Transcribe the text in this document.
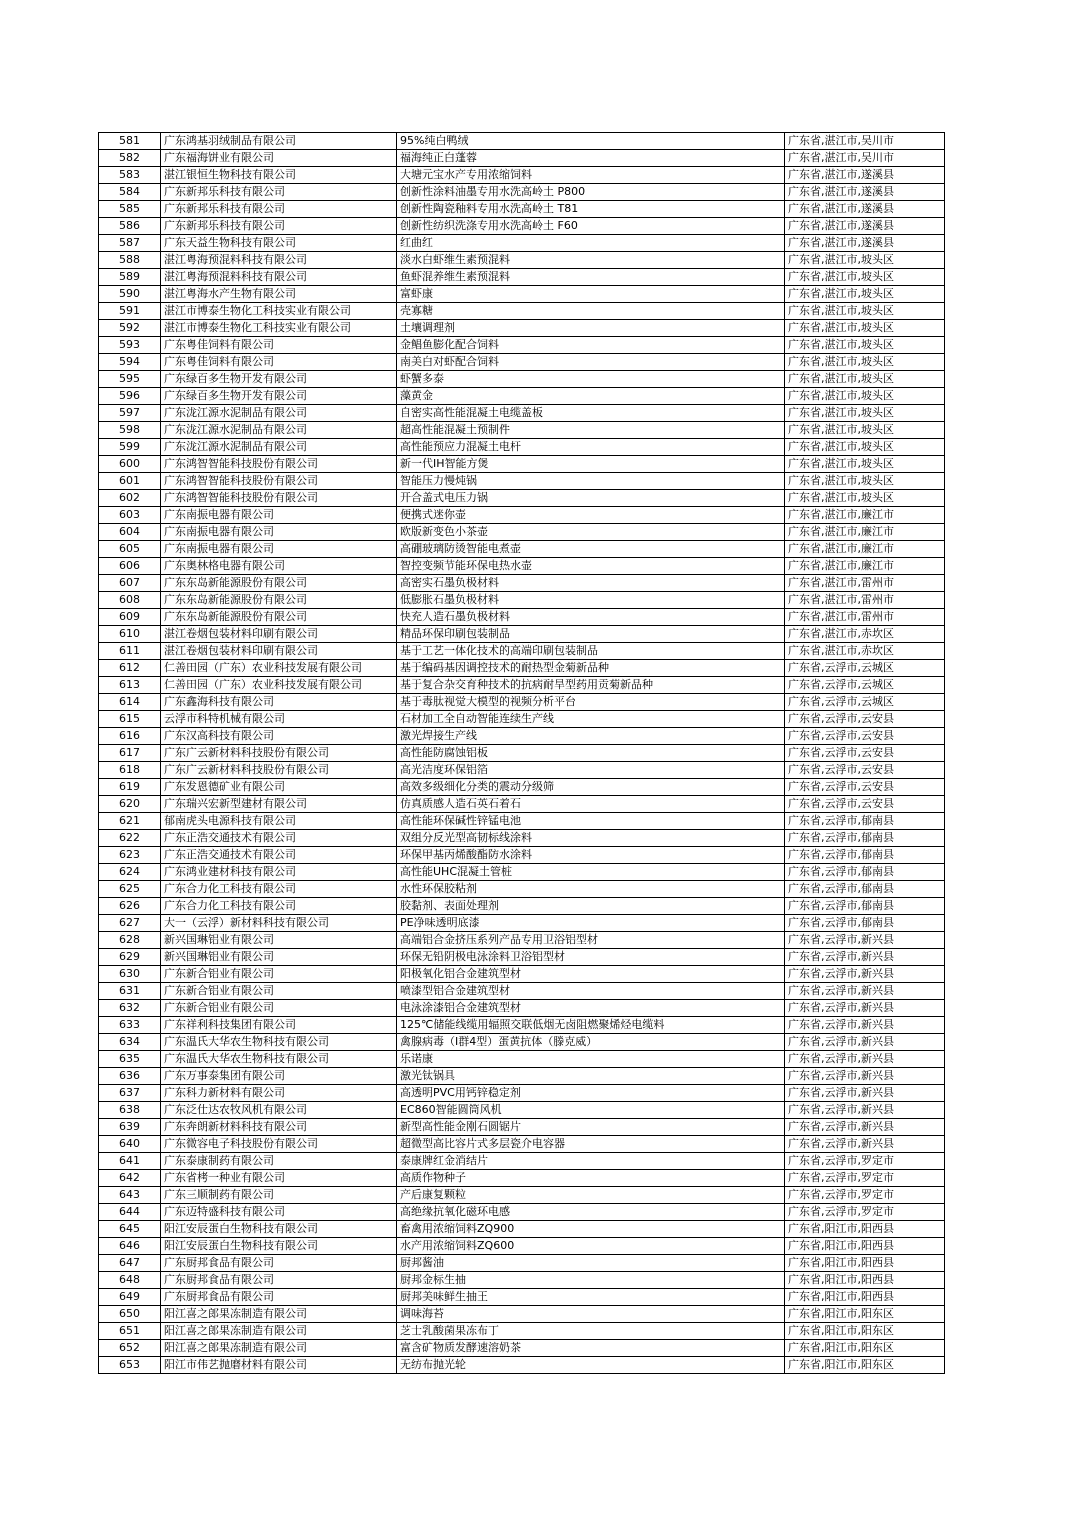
581	广东鸿基羽绒制品有限公司	95%纯白鸭绒	广东省,湛江市,吴川市
582	广东福海饼业有限公司	福海纯正白蓬蓉	广东省,湛江市,吴川市
583	湛江银恒生物科技有限公司	大塘元宝水产专用浓缩饲料	广东省,湛江市,遂溪县
584	广东新邦乐科技有限公司	创新性涂料油墨专用水洗高岭土 P800	广东省,湛江市,遂溪县
585	广东新邦乐科技有限公司	创新性陶瓷釉料专用水洗高岭土 T81	广东省,湛江市,遂溪县
586	广东新邦乐科技有限公司	创新性纺织洗涤专用水洗高岭土 F60	广东省,湛江市,遂溪县
587	广东天益生物科技有限公司	红曲红	广东省,湛江市,遂溪县
588	湛江粤海预混料科技有限公司	淡水白虾维生素预混料	广东省,湛江市,坡头区
589	湛江粤海预混料科技有限公司	鱼虾混养维生素预混料	广东省,湛江市,坡头区
590	湛江粤海水产生物有限公司	富虾康	广东省,湛江市,坡头区
591	湛江市博泰生物化工科技实业有限公司	壳寡糖	广东省,湛江市,坡头区
592	湛江市博泰生物化工科技实业有限公司	土壤调理剂	广东省,湛江市,坡头区
593	广东粤佳饲料有限公司	金鲳鱼膨化配合饲料	广东省,湛江市,坡头区
594	广东粤佳饲料有限公司	南美白对虾配合饲料	广东省,湛江市,坡头区
595	广东绿百多生物开发有限公司	虾蟹多泰	广东省,湛江市,坡头区
596	广东绿百多生物开发有限公司	藻黄金	广东省,湛江市,坡头区
597	广东泷江源水泥制品有限公司	自密实高性能混凝土电缆盖板	广东省,湛江市,坡头区
598	广东泷江源水泥制品有限公司	超高性能混凝土预制件	广东省,湛江市,坡头区
599	广东泷江源水泥制品有限公司	高性能预应力混凝土电杆	广东省,湛江市,坡头区
600	广东鸿智智能科技股份有限公司	新一代IH智能方煲	广东省,湛江市,坡头区
601	广东鸿智智能科技股份有限公司	智能压力慢炖锅	广东省,湛江市,坡头区
602	广东鸿智智能科技股份有限公司	开合盖式电压力锅	广东省,湛江市,坡头区
603	广东南振电器有限公司	便携式迷你壶	广东省,湛江市,廉江市
604	广东南振电器有限公司	欧版新变色小茶壶	广东省,湛江市,廉江市
605	广东南振电器有限公司	高硼玻璃防烫智能电煮壶	广东省,湛江市,廉江市
606	广东奥林格电器有限公司	智控变频节能环保电热水壶	广东省,湛江市,廉江市
607	广东东岛新能源股份有限公司	高密实石墨负极材料	广东省,湛江市,雷州市
608	广东东岛新能源股份有限公司	低膨胀石墨负极材料	广东省,湛江市,雷州市
609	广东东岛新能源股份有限公司	快充人造石墨负极材料	广东省,湛江市,雷州市
610	湛江卷烟包装材料印刷有限公司	精品环保印刷包装制品	广东省,湛江市,赤坎区
611	湛江卷烟包装材料印刷有限公司	基于工艺一体化技术的高端印刷包装制品	广东省,湛江市,赤坎区
612	仁善田园（广东）农业科技发展有限公司	基于编码基因调控技术的耐热型金菊新品种	广东省,云浮市,云城区
613	仁善田园（广东）农业科技发展有限公司	基于复合杂交育种技术的抗病耐旱型药用贡菊新品种	广东省,云浮市,云城区
614	广东鑫海科技有限公司	基于毒肽视觉大模型的视频分析平台	广东省,云浮市,云城区
615	云浮市科特机械有限公司	石材加工全自动智能连续生产线	广东省,云浮市,云安县
616	广东汉高科技有限公司	激光焊接生产线	广东省,云浮市,云安县
617	广东广云新材料科技股份有限公司	高性能防腐蚀铝板	广东省,云浮市,云安县
618	广东广云新材料科技股份有限公司	高光洁度环保铝箔	广东省,云浮市,云安县
619	广东发恩德矿业有限公司	高效多级细化分类的震动分级筛	广东省,云浮市,云安县
620	广东瑞兴宏新型建材有限公司	仿真质感人造石英石着石	广东省,云浮市,云安县
621	郁南虎头电源科技有限公司	高性能环保碱性锌锰电池	广东省,云浮市,郁南县
622	广东正浩交通技术有限公司	双组分反光型高韧标线涂料	广东省,云浮市,郁南县
623	广东正浩交通技术有限公司	环保甲基丙烯酸酯防水涂料	广东省,云浮市,郁南县
624	广东鸿业建材科技有限公司	高性能UHC混凝土管桩	广东省,云浮市,郁南县
625	广东合力化工科技有限公司	水性环保胶粘剂	广东省,云浮市,郁南县
626	广东合力化工科技有限公司	胶黏剂、表面处理剂	广东省,云浮市,郁南县
627	大一（云浮）新材料科技有限公司	PE净味透明底漆	广东省,云浮市,郁南县
628	新兴国琳铝业有限公司	高端铝合金挤压系列产品专用卫浴铝型材	广东省,云浮市,新兴县
629	新兴国琳铝业有限公司	环保无铅阴极电泳涂料卫浴铝型材	广东省,云浮市,新兴县
630	广东新合铝业有限公司	阳极氧化铝合金建筑型材	广东省,云浮市,新兴县
631	广东新合铝业有限公司	喷漆型铝合金建筑型材	广东省,云浮市,新兴县
632	广东新合铝业有限公司	电泳涂漆铝合金建筑型材	广东省,云浮市,新兴县
633	广东祥利科技集团有限公司	125℃储能线缆用辐照交联低烟无卤阻燃聚烯烃电缆料	广东省,云浮市,新兴县
634	广东温氏大华农生物科技有限公司	禽腺病毒（Ⅰ群4型）蛋黄抗体（滕克威）	广东省,云浮市,新兴县
635	广东温氏大华农生物科技有限公司	乐诺康	广东省,云浮市,新兴县
636	广东万事泰集团有限公司	激光钛锅具	广东省,云浮市,新兴县
637	广东科力新材料有限公司	高透明PVC用钙锌稳定剂	广东省,云浮市,新兴县
638	广东泛仕达农牧风机有限公司	EC860智能圆筒风机	广东省,云浮市,新兴县
639	广东奔朗新材料科技有限公司	新型高性能金刚石圆锯片	广东省,云浮市,新兴县
640	广东微容电子科技股份有限公司	超微型高比容片式多层瓷介电容器	广东省,云浮市,新兴县
641	广东泰康制药有限公司	泰康牌红金消结片	广东省,云浮市,罗定市
642	广东省栲一种业有限公司	高质作物种子	广东省,云浮市,罗定市
643	广东三顺制药有限公司	产后康复颗粒	广东省,云浮市,罗定市
644	广东迈特盛科技有限公司	高绝缘抗氧化磁环电感	广东省,云浮市,罗定市
645	阳江安辰蛋白生物科技有限公司	畜禽用浓缩饲料ZQ900	广东省,阳江市,阳西县
646	阳江安辰蛋白生物科技有限公司	水产用浓缩饲料ZQ600	广东省,阳江市,阳西县
647	广东厨邦食品有限公司	厨邦酱油	广东省,阳江市,阳西县
648	广东厨邦食品有限公司	厨邦金标生抽	广东省,阳江市,阳西县
649	广东厨邦食品有限公司	厨邦美味鲜生抽王	广东省,阳江市,阳西县
650	阳江喜之郎果冻制造有限公司	调味海苔	广东省,阳江市,阳东区
651	阳江喜之郎果冻制造有限公司	芝士乳酸菌果冻布丁	广东省,阳江市,阳东区
652	阳江喜之郎果冻制造有限公司	富含矿物质发酵速溶奶茶	广东省,阳江市,阳东区
653	阳江市伟艺抛磨材料有限公司	无纺布抛光轮	广东省,阳江市,阳东区
